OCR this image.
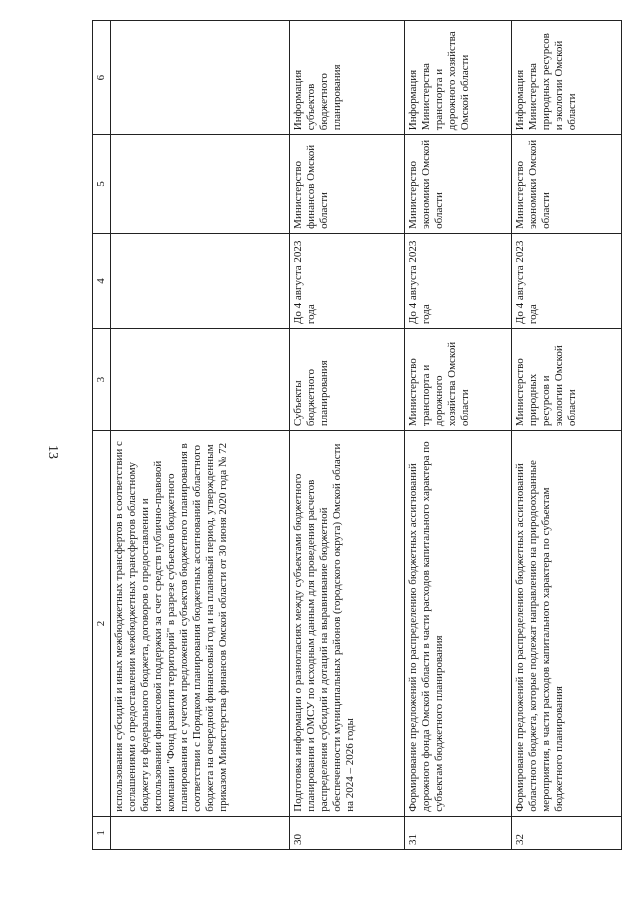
13
1	2	3	4	5	6
	использования субсидий и иных межбюджетных трансфертов в соответствии с соглашениями о предоставлении межбюджетных трансфертов областному бюджету из федерального бюджета, договоров о предоставлении и использовании финансовой поддержки за счет средств публично-правовой компании "Фонд развития территорий" в разрезе субъектов бюджетного планирования и с учетом предложений субъектов бюджетного планирования в соответствии с Порядком планирования бюджетных ассигнований областного бюджета на очередной финансовый год и на плановый период, утвержденным приказом Министерства финансов Омской области от 30 июня 2020 года № 72				
30	Подготовка информации о разногласиях между субъектами бюджетного планирования и ОМСУ по исходным данным для проведения расчетов распределения субсидий и дотаций на выравнивание бюджетной обеспеченности муниципальных районов (городского округа) Омской области на 2024 – 2026 годы	Субъекты бюджетного планирования	До 4 августа 2023 года	Министерство финансов Омской области	Информация субъектов бюджетного планирования
31	Формирование предложений по распределению бюджетных ассигнований дорожного фонда Омской области в части расходов капитального характера по субъектам бюджетного планирования	Министерство транспорта и дорожного хозяйства Омской области	До 4 августа 2023 года	Министерство экономики Омской области	Информация Министерства транспорта и дорожного хозяйства Омской области
32	Формирование предложений по распределению бюджетных ассигнований областного бюджета, которые подлежат направлению на природоохранные мероприятия, в части расходов капитального характера по субъектам бюджетного планирования	Министерство природных ресурсов и экологии Омской области	До 4 августа 2023 года	Министерство экономики Омской области	Информация Министерства природных ресурсов и экологии Омской области
